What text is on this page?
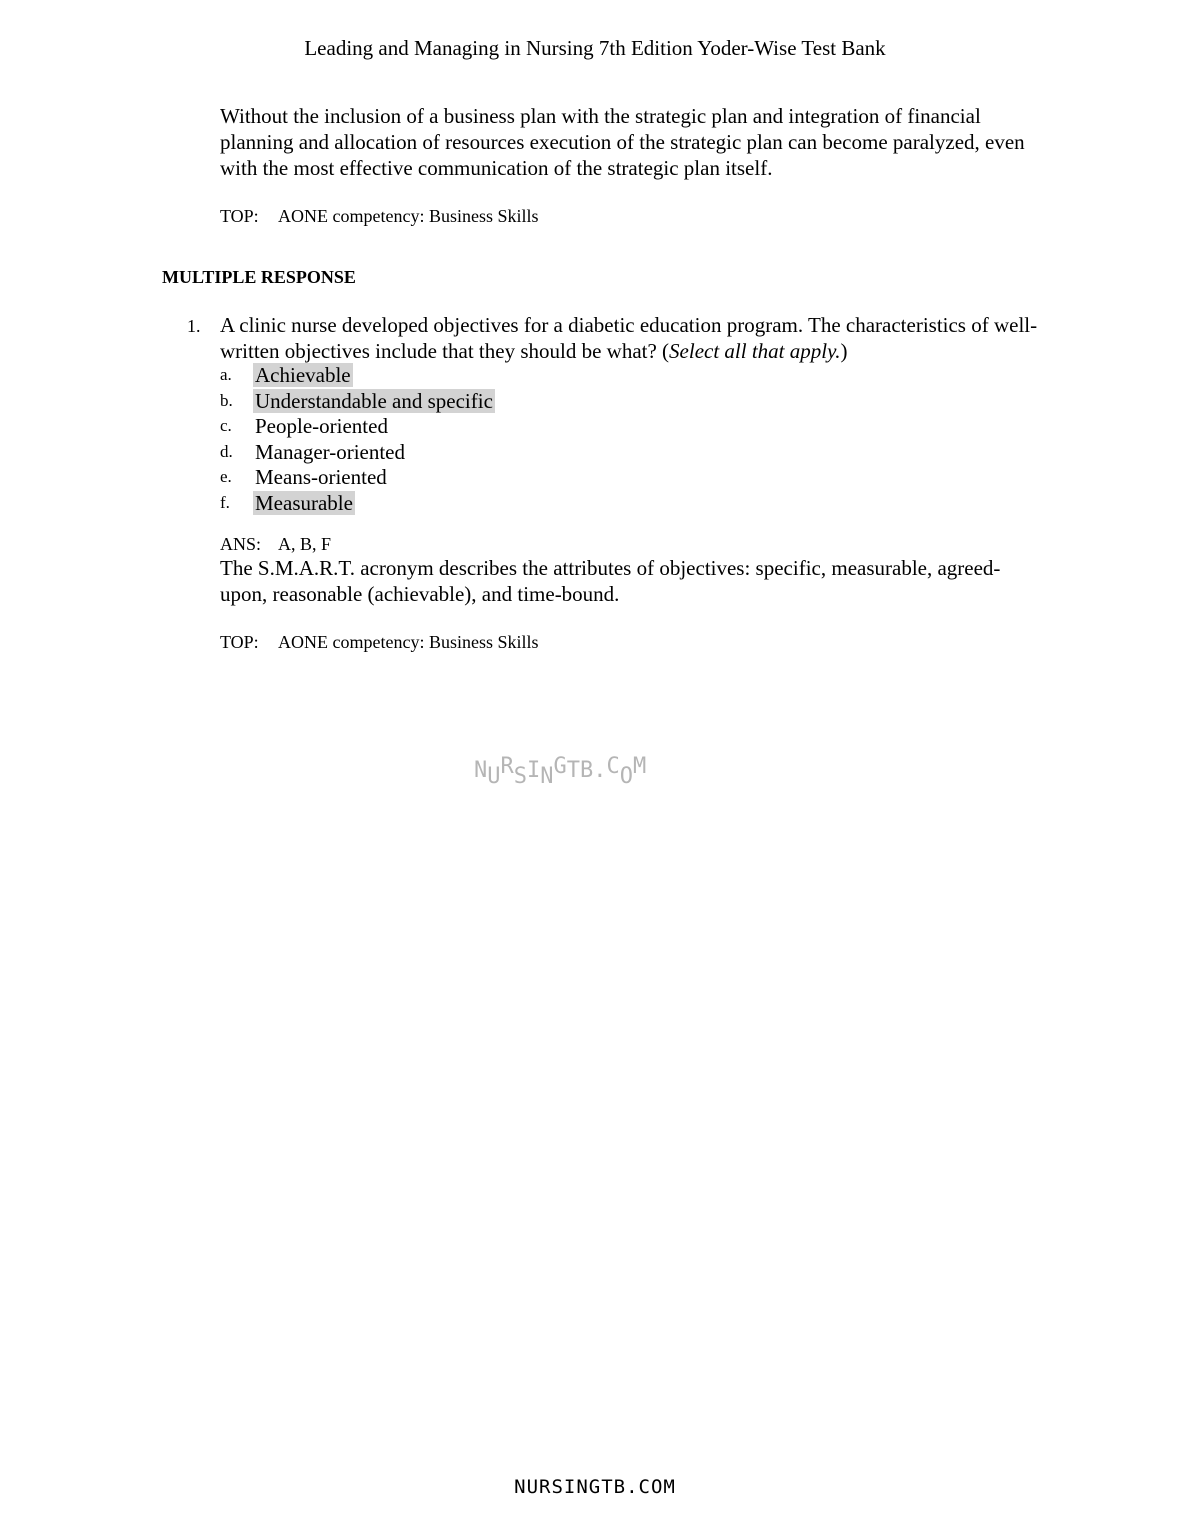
Leading and Managing in Nursing 7th Edition Yoder-Wise Test Bank

Without the inclusion of a business plan with the strategic plan and integration of financial planning and allocation of resources execution of the strategic plan can become paralyzed, even with the most effective communication of the strategic plan itself.

TOP: AONE competency: Business Skills
MULTIPLE RESPONSE
1. A clinic nurse developed objectives for a diabetic education program. The characteristics of well-written objectives include that they should be what? (Select all that apply.)

a. Achievable
b. Understandable and specific
c. People-oriented
d. Manager-oriented
e. Means-oriented
f. Measurable
ANS: A, B, F

The S.M.A.R.T. acronym describes the attributes of objectives: specific, measurable, agreed-upon, reasonable (achievable), and time-bound.

TOP: AONE competency: Business Skills
NURSINGTB.COM
NURSINGTB.COM
